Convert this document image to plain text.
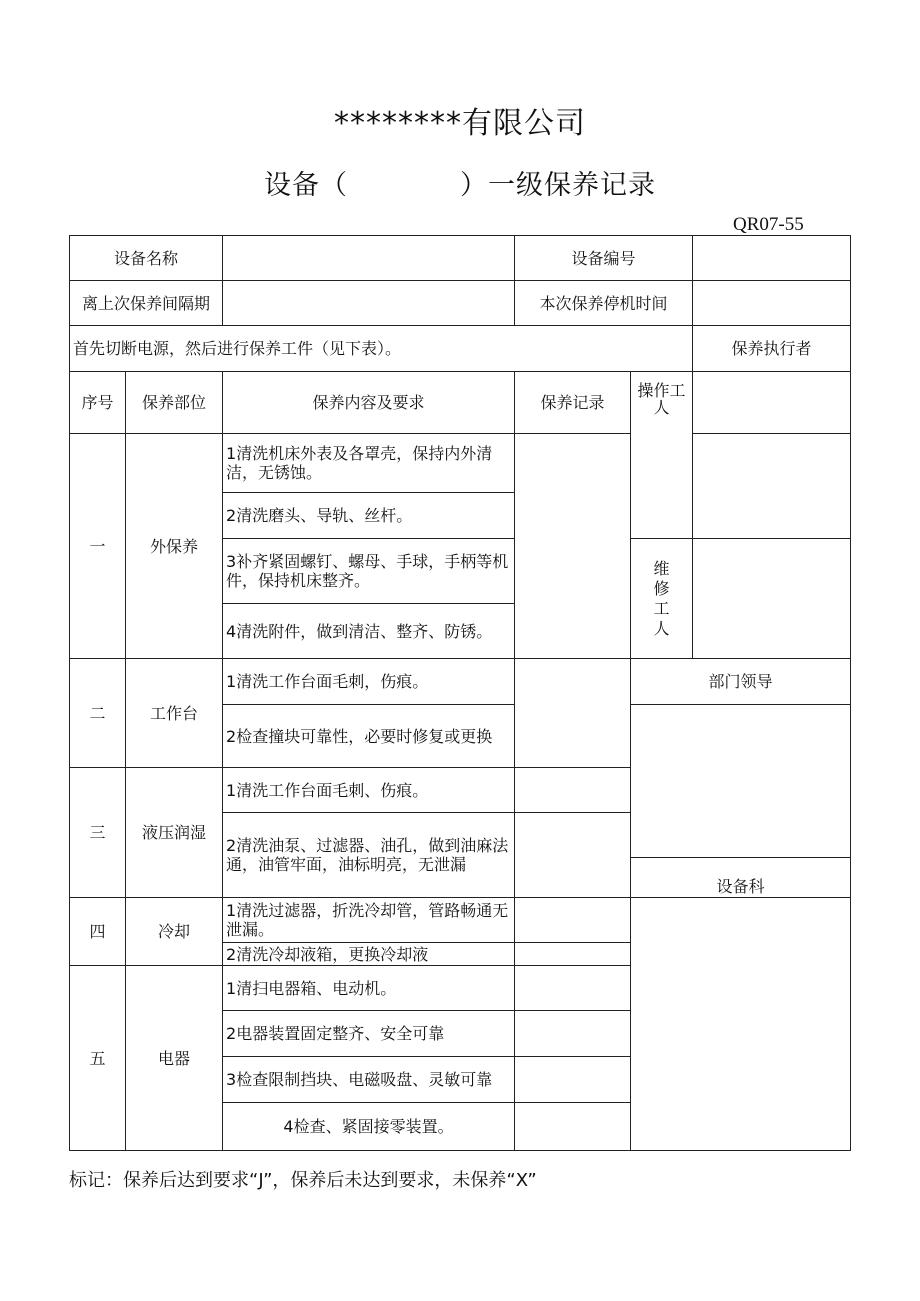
********有限公司
设备（　　　　）一级保养记录
QR07-55
设备名称			设备编号		
离上次保养间隔期			本次保养停机时间		
首先切断电源，然后进行保养工件（见下表）。					保养执行者
序号	保养部位	保养内容及要求	保养记录	操作工人	
一	外保养	1清洗机床外表及各罩壳，保持内外清洁，无锈蚀。			
		2清洗磨头、导轨、丝杆。			
		3补齐紧固螺钉、螺母、手球，手柄等机件，保持机床整齐。		维修工人	
		4清洗附件，做到清洁、整齐、防锈。			
二	工作台	1清洗工作台面毛刺，伤痕。		部门领导	
		2检查撞块可靠性，必要时修复或更换			
三	液压润湿	1清洗工作台面毛刺、伤痕。			
		2清洗油泵、过滤器、油孔，做到油麻法通，油管牢面，油标明亮，无泄漏			
				设备科	
四	冷却	1清洗过滤器，折洗冷却管，管路畅通无泄漏。			
		2清洗冷却液箱，更换冷却液			
五	电器	1清扫电器箱、电动机。			
		2电器装置固定整齐、安全可靠			
		3检查限制挡块、电磁吸盘、灵敏可靠			
		4检查、紧固接零装置。			
标记：保养后达到要求“J”，保养后未达到要求，未保养“X”
